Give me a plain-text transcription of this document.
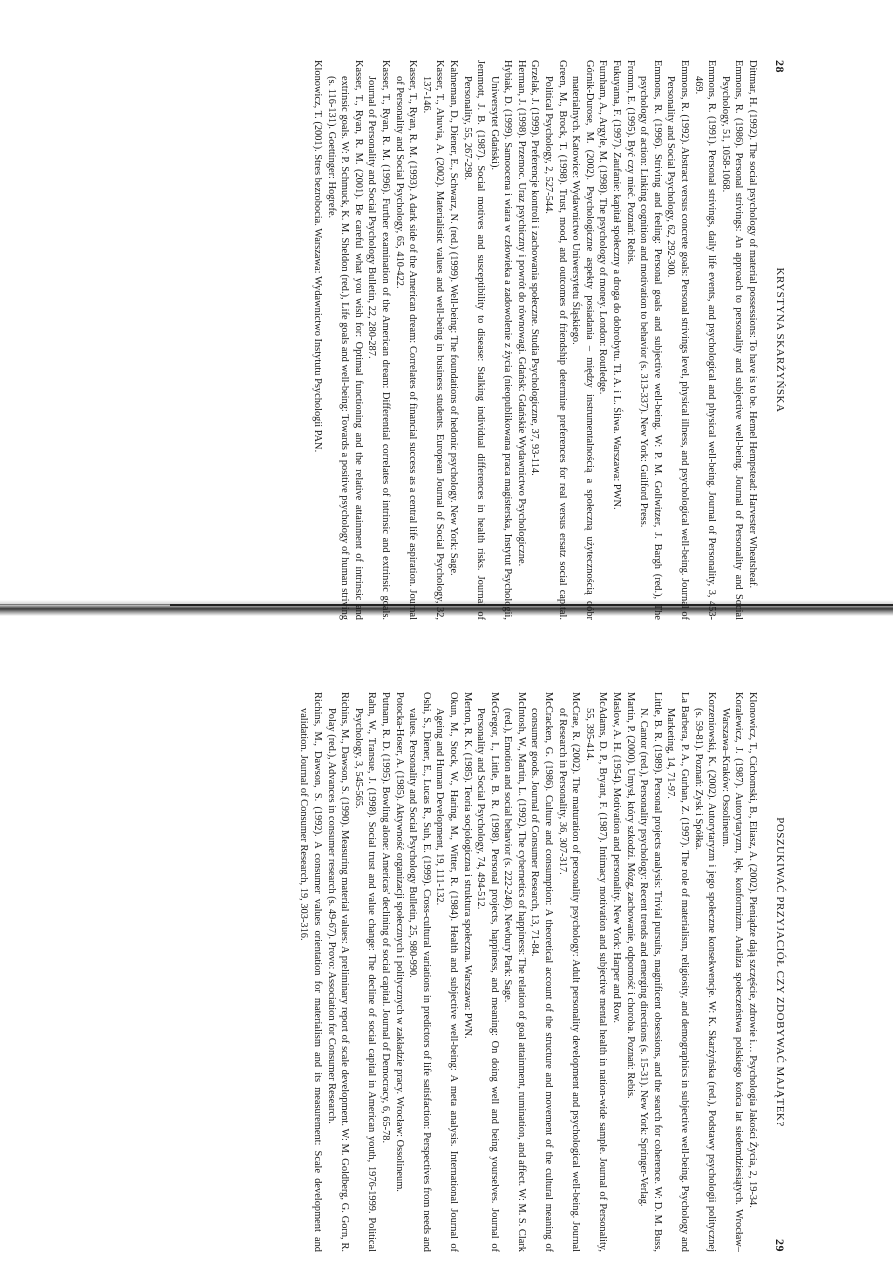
28
KRYSTYNA SKARŻYŃSKA

Dittmar, H. (1992). The social psychology of material possessions: To have is to be. Hemel Hempstead: Harvester Wheatsheaf.

Emmons, R. (1986). Personal strivings: An approach to personality and subjective well-being. Journal of Personality and Social Psychology, 51, 1058-1068.

Emmons, R. (1991). Personal strivings, daily life events, and psychological and physical well-being. Journal of Personality, 3, 453-469.

Emmons, R. (1992). Abstract versus concrete goals: Personal strivings level, physical illness, and psychological well-being. Journal of Personality and Social Psychology, 62, 292-300.

Emmons, R. (1996). Striving and feeling: Personal goals and subjective well-being. W: P. M. Gollwitzer, J. Bargh (red.), The psychology of action: Linking cognition and motivation to behavior (s. 313-337). New York: Guilford Press.

Fromm, E. (1995). Być czy mieć. Poznań: Rebis.

Fukuyama, F. (1997). Zaufanie: kapitał społeczny a droga do dobrobytu. Tł. A. i L. Śliwa. Warszawa: PWN.

Furnham, A., Argyle, M. (1998). The psychology of money. London: Routledge.

Górnik-Durose, M. (2002). Psychologiczne aspekty posiadania – między instrumentalnością a społeczną użytecznością dóbr materialnych. Katowice: Wydawnictwo Uniwersytetu Śląskiego.

Green, M., Brock, T. (1998). Trust, mood, and outcomes of friendship determine preferences for real versus ersatz social capital. Political Psychology, 2, 527-544.

Grzelak, J. (1999). Preferencje kontroli i zachowania społeczne. Studia Psychologiczne, 37, 93-114.

Herman, J. (1998). Przemoc. Uraz psychiczny i powrót do równowagi. Gdańsk: Gdańskie Wydawnictwo Psychologiczne.

Hybiak, D. (1999). Samoocena i wiara w człowieka a zadowolenie z życia (nieopublikowana praca magisterska, Instytut Psychologii, Uniwersytet Gdański).

Jemmott, J. B. (1987). Social motives and susceptibility to disease: Stalking individual differences in health risks. Journal of Personality, 55, 267-298.

Kahneman, D., Diener, E., Schwarz, N. (red.) (1999). Well-being: The foundations of hedonic psychology. New York: Sage.

Kasser, T., Ahuvia, A. (2002). Materialistic values and well-being in business students. European Journal of Social Psychology, 32, 137-146.

Kasser, T., Ryan, R. M. (1993). A dark side of the American dream: Correlates of financial success as a central life aspiration. Journal of Personality and Social Psychology, 65, 410-422.

Kasser, T., Ryan, R. M. (1996). Further examination of the American dream: Differential correlates of intrinsic and extrinsic goals. Journal of Personality and Social Psychology Bulletin, 22, 280-287.

Kasser, T., Ryan, R. M. (2001). Be careful what you wish for: Optimal functioning and the relative attainment of intrinsic and extrinsic goals. W: P. Schmuck, K. M. Sheldon (red.), Life goals and well-being: Towards a positive psychology of human striving (s. 116-131). Goettinger: Hogrefe.

Klonowicz, T. (2001). Stres bezrobocia. Warszawa: Wydawnictwo Instytutu Psychologii PAN.

POSZUKIWAĆ PRZYJACIÓŁ CZY ZDOBYWAĆ MAJĄTEK?
29

Klonowicz, T., Cichomski, B., Eliasz, A. (2002). Pieniądze dają szczęście, zdrowie i… Psychologia Jakości Życia, 2, 19-34.

Koralewicz, J. (1987). Autorytaryzm, lęk, konformizm. Analiza społeczeństwa polskiego końca lat siedemdziesiątych. Wrocław–Warszawa–Kraków: Ossolineum.

Korzeniowski, K. (2002). Autorytaryzm i jego społeczne konsekwencje. W: K. Skarżyńska (red.), Podstawy psychologii politycznej (s. 59-81). Poznań: Zysk i Spółka.

La Barbera, P. A., Gurhan, Z. (1997). The role of materialism, religiosity, and demographics in subjective well-being. Psychology and Marketing, 14, 71-97.

Little, B. R. (1989). Personal projects analysis: Trivial pursuits, magnificent obsessions, and the search for coherence. W: D. M. Buss, N. Cantor (red.), Personality psychology: Recent trends and emerging directions (s. 15-31). New York: Springer-Verlag.

Martin, P. (2000). Umysł, który szkodzi. Mózg, zachowanie, odporność i choroba. Poznań: Rebis.

Maslow, A. H. (1954). Motivation and personality. New York: Harper and Row.

McAdams, D. P., Bryant, F. (1987). Intimacy motivation and subjective mental health in nation-wide sample. Journal of Personality, 55, 395-414.

McCrae, R. (2002). The maturation of personality psychology: Adult personality development and psychological well-being. Journal of Research in Personality, 36, 307-317.

McCracken, G. (1986). Culture and consumption: A theoretical account of the structure and movement of the cultural meaning of consumer goods. Journal of Consumer Research, 13, 71-84.

McIntosh, W., Martin, L. (1992). The cybernetics of happiness: The relation of goal attainment, rumination, and affect. W: M. S. Clark (red.), Emotion and social behavior (s. 222-246). Newbury Park: Sage.

McGregor, I., Little, B. R. (1998). Personal projects, happiness, and meaning: On doing well and being yourselves. Journal of Personality and Social Psychology, 74, 494-512.

Merton, R. K. (1985). Teoria socjologiczna i struktura społeczna. Warszawa: PWN.

Okun, M., Stock, W., Haring, M., Witter, R. (1984). Health and subjective well-being: A meta analysis. International Journal of Ageing and Human Development, 19, 111-132.

Oshi, S., Diener, E., Lucas R., Suh, E. (1999). Cross-cultural variations in predictors of life satisfaction: Perspectives from needs and values. Personality and Social Psychology Bulletin, 25, 980-990.

Potocka-Hoser, A. (1985). Aktywność organizacji społecznych i politycznych w zakładzie pracy. Wrocław: Ossolineum.

Putnam, R. D. (1995). Bowling alone: Americas' declining of social capital. Journal of Democracy, 6, 65-78.

Rahn, W., Transue, J. (1998). Social trust and value change: The decline of social capital in American youth, 1976-1999. Political Psychology, 3, 545-565.

Richins, M., Dawson, S. (1990). Measuring material values: A preliminary report of scale development. W: M. Goldberg, G. Gorn, R. Polay (red.), Advances in consumer research (s. 49-67). Provo: Association for Consumer Research.

Richins, M., Dawson, S. (1992). A consumer values orientation for materialism and its measurement: Scale development and validation. Journal of Consumer Research, 19, 303-316.
